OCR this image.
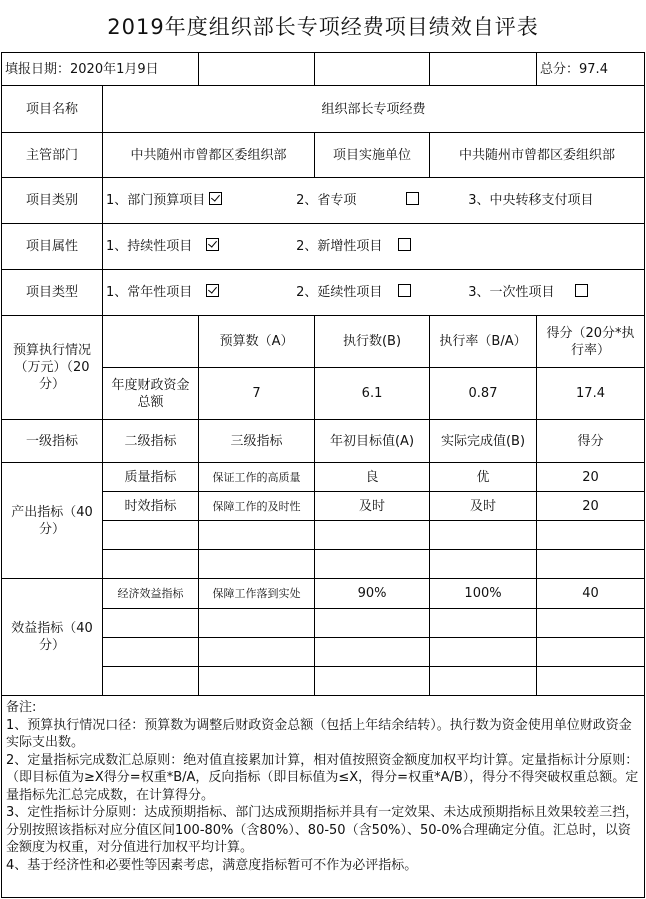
2019年度组织部长专项经费项目绩效自评表
填报日期：2020年1月9日					总分：97.4
项目名称	组织部长专项经费				
主管部门	中共随州市曾都区委组织部		项目实施单位	中共随州市曾都区委组织部	
项目类别	1、部门预算项目 2、省专项 3、中央转移支付项目				
项目属性	1、持续性项目 2、新增性项目				
项目类型	1、常年性项目 2、延续性项目 3、一次性项目				
预算执行情况（万元）（20分）		预算数（A）	执行数(B)	执行率（B/A）	得分（20分*执行率）
	年度财政资金总额	7	6.1	0.87	17.4
一级指标	二级指标	三级指标	年初目标值(A)	实际完成值(B)	得分
产出指标（40分）	质量指标	保证工作的高质量	良	优	20
	时效指标	保障工作的及时性	及时	及时	20

效益指标（40分）	经济效益指标	保障工作落到实处	90%	100%	40

备注:

1、预算执行情况口径：预算数为调整后财政资金总额（包括上年结余结转）。执行数为资金使用单位财政资金实际支出数。

2、定量指标完成数汇总原则：绝对值直接累加计算，相对值按照资金额度加权平均计算。定量指标计分原则：（即目标值为≥X得分=权重*B/A，反向指标（即目标值为≤X，得分=权重*A/B），得分不得突破权重总额。定量指标先汇总完成数，在计算得分。

3、定性指标计分原则：达成预期指标、部门达成预期指标并具有一定效果、未达成预期指标且效果较差三挡，分别按照该指标对应分值区间100-80%（含80%）、80-50（含50%）、50-0%合理确定分值。汇总时，以资金额度为权重，对分值进行加权平均计算。

4、基于经济性和必要性等因素考虑，满意度指标暂可不作为必评指标。					
